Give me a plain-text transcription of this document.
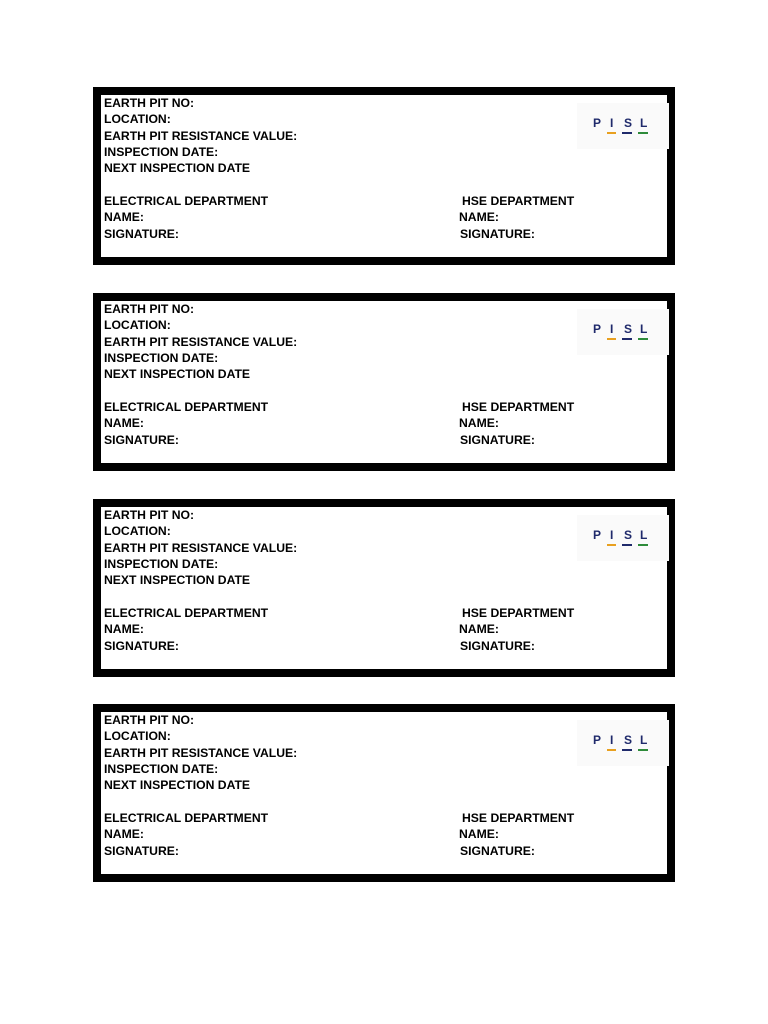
EARTH PIT NO:
LOCATION:
EARTH PIT RESISTANCE VALUE:
INSPECTION DATE:
NEXT INSPECTION DATE
ELECTRICAL DEPARTMENT
NAME:
SIGNATURE:
HSE DEPARTMENT
NAME:
SIGNATURE:
P I S L
EARTH PIT NO:
LOCATION:
EARTH PIT RESISTANCE VALUE:
INSPECTION DATE:
NEXT INSPECTION DATE
ELECTRICAL DEPARTMENT
NAME:
SIGNATURE:
HSE DEPARTMENT
NAME:
SIGNATURE:
P I S L
EARTH PIT NO:
LOCATION:
EARTH PIT RESISTANCE VALUE:
INSPECTION DATE:
NEXT INSPECTION DATE
ELECTRICAL DEPARTMENT
NAME:
SIGNATURE:
HSE DEPARTMENT
NAME:
SIGNATURE:
P I S L
EARTH PIT NO:
LOCATION:
EARTH PIT RESISTANCE VALUE:
INSPECTION DATE:
NEXT INSPECTION DATE
ELECTRICAL DEPARTMENT
NAME:
SIGNATURE:
HSE DEPARTMENT
NAME:
SIGNATURE:
P I S L
